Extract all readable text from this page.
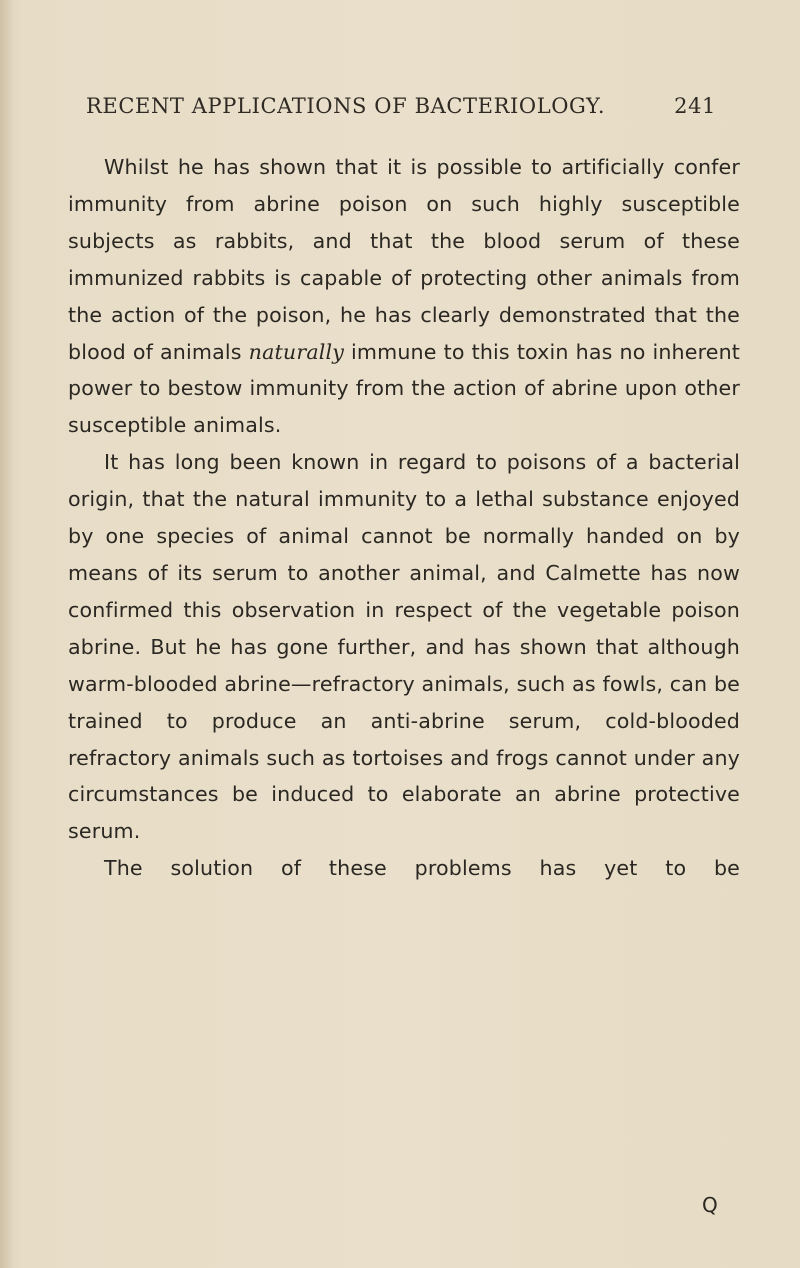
RECENT APPLICATIONS OF BACTERIOLOGY.	241

Whilst he has shown that it is possible to artificially confer immunity from abrine poison on such highly susceptible subjects as rabbits, and that the blood serum of these immunized rabbits is capable of protecting other animals from the action of the poison, he has clearly demonstrated that the blood of animals naturally immune to this toxin has no inherent power to bestow immunity from the action of abrine upon other susceptible animals.

It has long been known in regard to poisons of a bacterial origin, that the natural immunity to a lethal substance enjoyed by one species of animal cannot be normally handed on by means of its serum to another animal, and Calmette has now confirmed this observation in respect of the vegetable poison abrine. But he has gone further, and has shown that although warm-blooded abrine—refractory animals, such as fowls, can be trained to produce an anti-abrine serum, cold-blooded refractory animals such as tortoises and frogs cannot under any circumstances be induced to elaborate an abrine protective serum.

The solution of these problems has yet to be

Q
